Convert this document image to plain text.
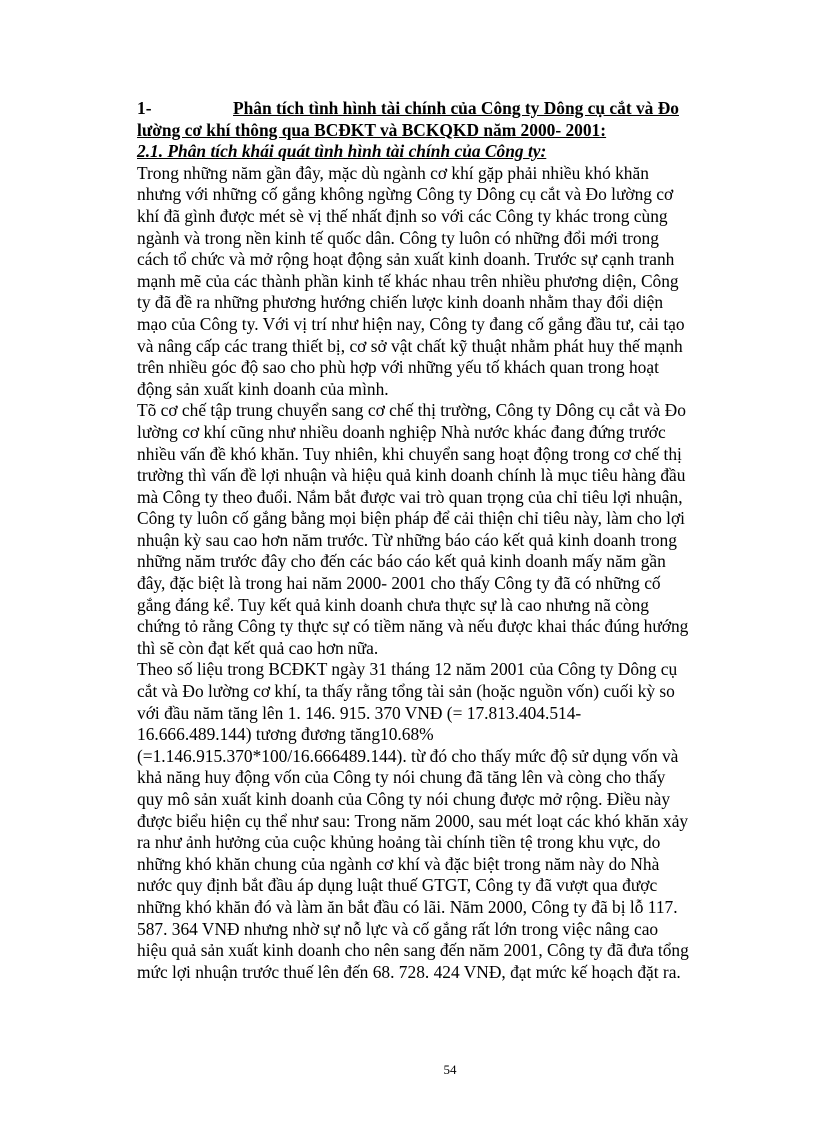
1-	Phân tích tình hình tài chính của Công ty Dông cụ cắt và Đo
lường cơ khí thông qua BCĐKT và BCKQKD năm 2000- 2001:
2.1. Phân tích khái quát tình hình tài chính của Công ty:

Trong những năm gần đây, mặc dù ngành cơ khí gặp phải nhiều khó khăn
nhưng với những cố gắng không ngừng Công ty Dông cụ cắt và Đo lường cơ
khí đã gình được mét sè vị thế nhất định so với các Công ty khác trong cùng
ngành và trong nền kinh tế quốc dân. Công ty luôn có những đổi mới trong
cách tổ chức và mở rộng hoạt động sản xuất kinh doanh. Trước sự cạnh tranh
mạnh mẽ của các thành phần kinh tế khác nhau trên nhiều phương diện, Công
ty đã đề ra những phương hướng chiến lược kinh doanh nhằm thay đổi diện
mạo của Công ty. Với vị trí như hiện nay, Công ty đang cố gắng đầu tư, cải tạo
và nâng cấp các trang thiết bị, cơ sở vật chất kỹ thuật nhằm phát huy thế mạnh
trên nhiều góc độ sao cho phù hợp với những yếu tố khách quan trong hoạt
động sản xuất kinh doanh của mình.

Tõ cơ chế tập trung chuyển sang cơ chế thị trường, Công ty Dông cụ cắt và Đo
lường cơ khí cũng như nhiều doanh nghiệp Nhà nước khác đang đứng trước
nhiều vấn đề khó khăn. Tuy nhiên, khi chuyển sang hoạt động trong cơ chế thị
trường thì vấn đề lợi nhuận và hiệu quả kinh doanh chính là mục tiêu hàng đầu
mà Công ty theo đuổi. Nắm bắt được vai trò quan trọng của chỉ tiêu lợi nhuận,
Công ty luôn cố gắng bằng mọi biện pháp để cải thiện chỉ tiêu này, làm cho lợi
nhuận kỳ sau cao hơn năm trước. Từ những báo cáo kết quả kinh doanh trong
những năm trước đây cho đến các báo cáo kết quả kinh doanh mấy năm gần
đây, đặc biệt là trong hai năm 2000- 2001 cho thấy Công ty đã có những cố
gắng đáng kể. Tuy kết quả kinh doanh chưa thực sự là cao nhưng nã còng
chứng tỏ rằng Công ty thực sự có tiềm năng và nếu được khai thác đúng hướng
thì sẽ còn đạt kết quả cao hơn nữa.

Theo số liệu trong BCĐKT ngày 31 tháng 12 năm 2001 của Công ty Dông cụ
cắt và Đo lường cơ khí, ta thấy rằng tổng tài sản (hoặc nguồn vốn) cuối kỳ so
với đầu năm tăng lên 1. 146. 915. 370 VNĐ (= 17.813.404.514-
16.666.489.144) tương đương tăng10.68%
(=1.146.915.370*100/16.666489.144). từ đó cho thấy mức độ sử dụng vốn và
khả năng huy động vốn của Công ty nói chung đã tăng lên và còng cho thấy
quy mô sản xuất kinh doanh của Công ty nói chung được mở rộng. Điều này
được biểu hiện cụ thể như sau: Trong năm 2000, sau mét loạt các khó khăn xảy
ra như ảnh hưởng của cuộc khủng hoảng tài chính tiền tệ trong khu vực, do
những khó khăn chung của ngành cơ khí và đặc biệt trong năm này do Nhà
nước quy định bắt đầu áp dụng luật thuế GTGT, Công ty đã vượt qua được
những khó khăn đó và làm ăn bắt đầu có lãi. Năm 2000, Công ty đã bị lỗ 117.
587. 364 VNĐ nhưng nhờ sự nỗ lực và cố gắng rất lớn trong việc nâng cao
hiệu quả sản xuất kinh doanh cho nên sang đến năm 2001, Công ty đã đưa tổng
mức lợi nhuận trước thuế lên đến 68. 728. 424 VNĐ, đạt mức kế hoạch đặt ra.

54
